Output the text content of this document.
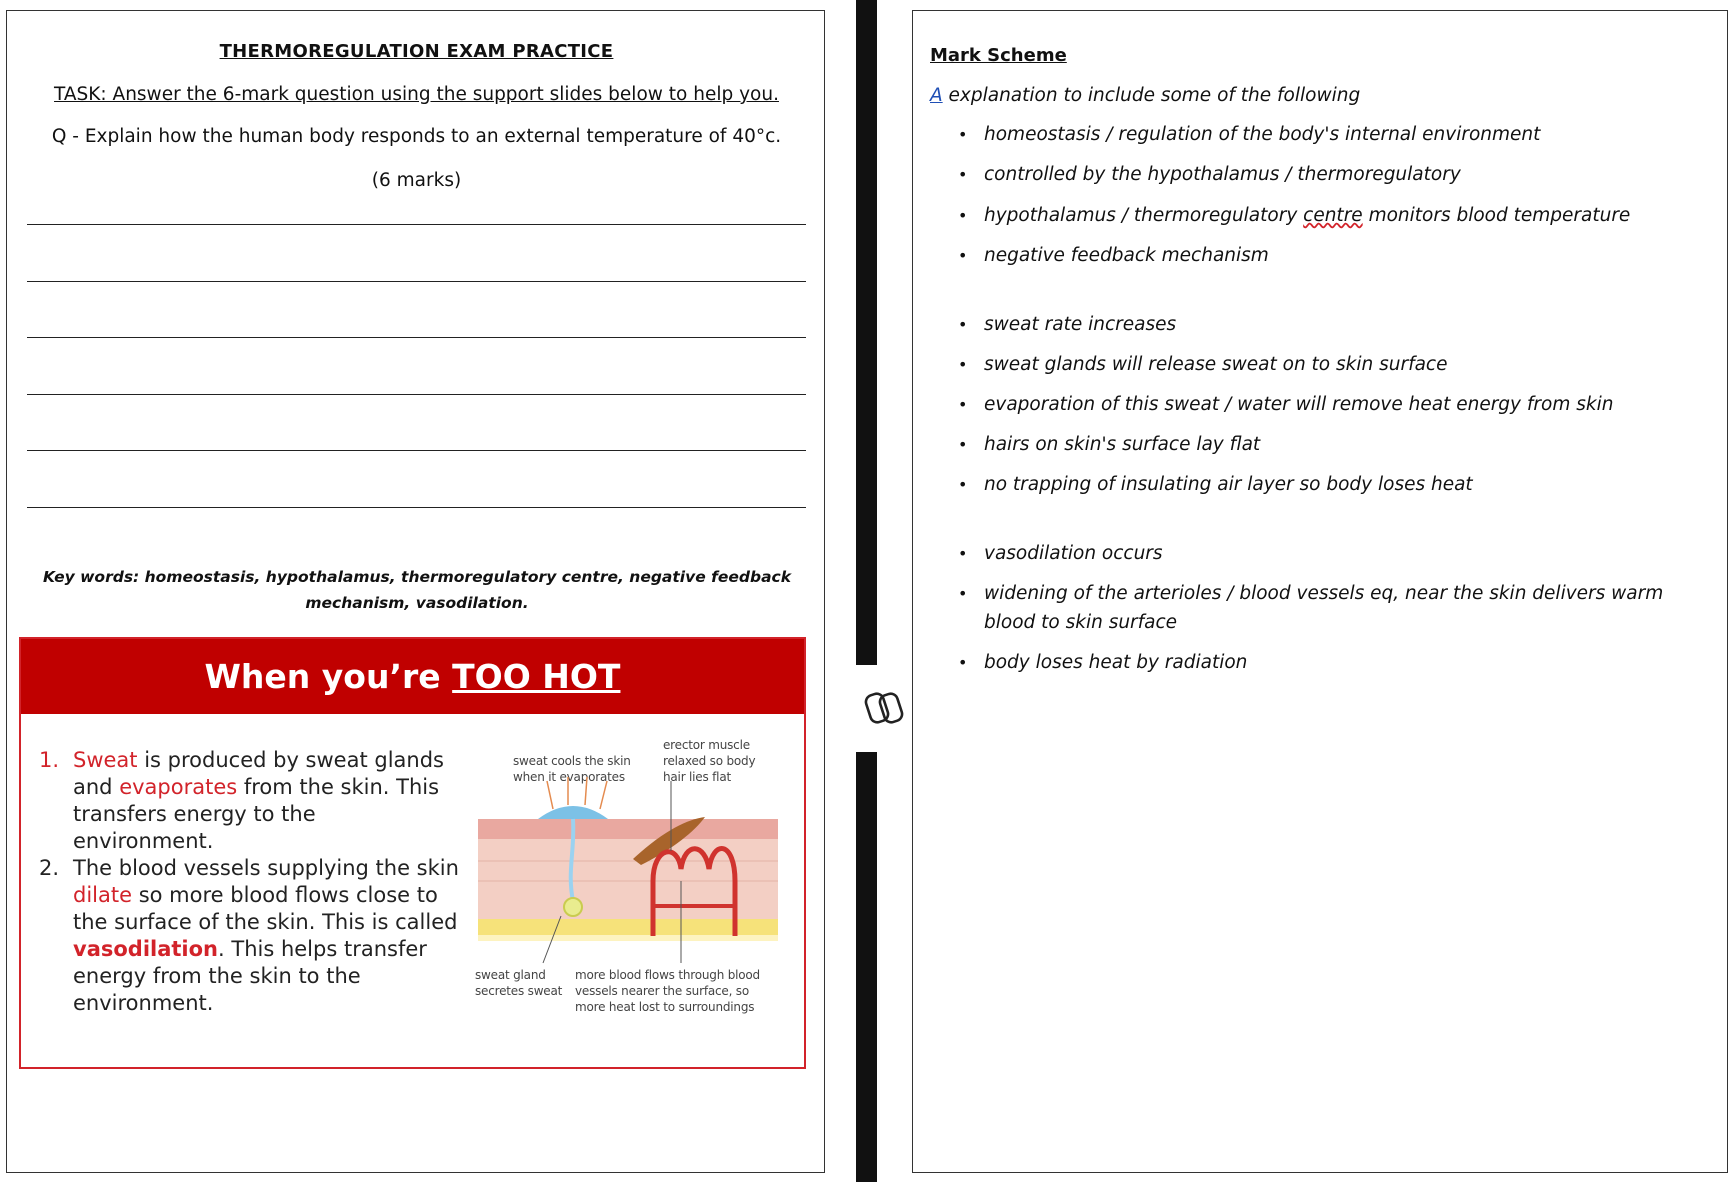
THERMOREGULATION EXAM PRACTICE
TASK: Answer the 6-mark question using the support slides below to help you.
Q - Explain how the human body responds to an external temperature of 40°c.
(6 marks)
Key words: homeostasis, hypothalamus, thermoregulatory centre, negative feedback mechanism, vasodilation.
When you’re TOO HOT
1. Sweat is produced by sweat glands and evaporates from the skin. This transfers energy to the environment.
2. The blood vessels supplying the skin dilate so more blood flows close to the surface of the skin. This is called vasodilation. This helps transfer energy from the skin to the environment.
sweat cools the skin
when it evaporates
erector muscle
relaxed so body
hair lies flat
sweat gland
secretes sweat
more blood flows through blood
vessels nearer the surface, so
more heat lost to surroundings
Mark Scheme
A explanation to include some of the following
• homeostasis / regulation of the body's internal environment
• controlled by the hypothalamus / thermoregulatory
• hypothalamus / thermoregulatory centre monitors blood temperature
• negative feedback mechanism
• sweat rate increases
• sweat glands will release sweat on to skin surface
• evaporation of this sweat / water will remove heat energy from skin
• hairs on skin's surface lay flat
• no trapping of insulating air layer so body loses heat
• vasodilation occurs
• widening of the arterioles / blood vessels eq, near the skin delivers warm blood to skin surface
• body loses heat by radiation
